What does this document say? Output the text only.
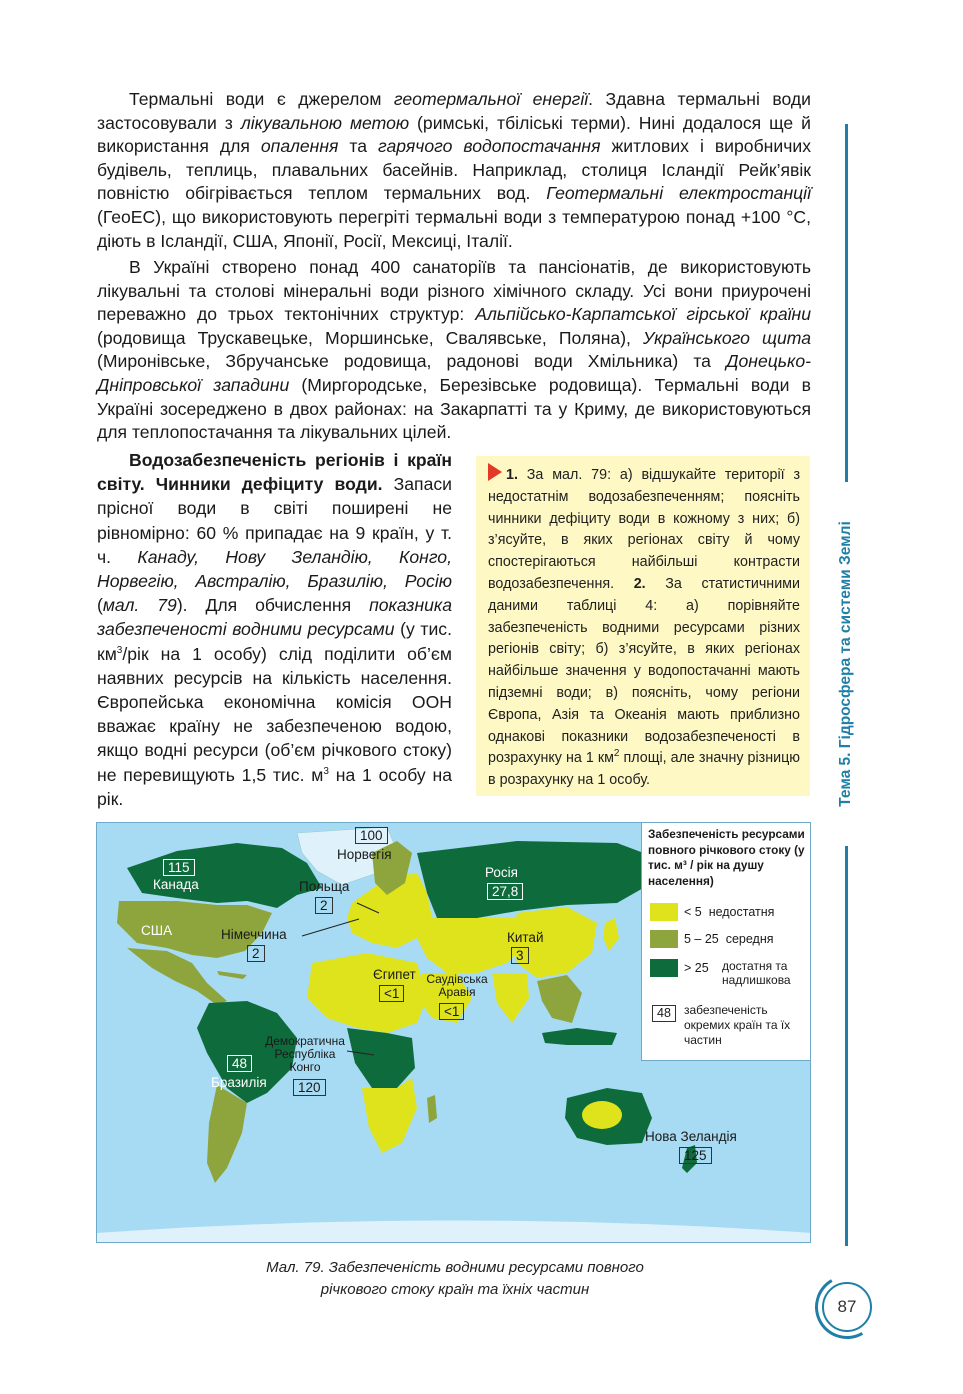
Термальні води є джерелом геотермальної енергії. Здавна термальні води застосовували з лікувальною метою (римські, тбіліські терми). Нині додалося ще й використання для опалення та гарячого водопостачання житлових і виробничих будівель, теплиць, плавальних басейнів. Наприклад, столиця Ісландії Рейк’явік повністю обігрівається теплом термальних вод. Геотермальні електростанції (ГеоЕС), що використовують перегріті термальні води з температурою понад +100 °С, діють в Ісландії, США, Японії, Росії, Мексиці, Італії.

В Україні створено понад 400 санаторіїв та пансіонатів, де використовують лікувальні та столові мінеральні води різного хімічного складу. Усі вони приурочені переважно до трьох тектонічних структур: Альпійсько-Карпатської гірської країни (родовища Трускавецьке, Моршинське, Свалявське, Поляна), Українського щита (Миронівське, Збручанське родовища, радонові води Хмільника) та Донецько-Дніпровської западини (Миргородське, Березівське родовища). Термальні води в Україні зосереджено в двох районах: на Закарпатті та у Криму, де використовуються для теплопостачання та лікувальних цілей.

Водозабезпеченість регіонів і країн світу. Чинники дефіциту води. Запаси прісної води в світі поширені не рівномірно: 60 % припадає на 9 країн, у т. ч. Канаду, Нову Зеландію, Конго, Норвегію, Австралію, Бразилію, Росію (мал. 79). Для обчислення показника забезпеченості водними ресурсами (у тис. $км^3$/рік на 1 особу) слід поділити об’єм наявних ресурсів на кількість населення. Європейська економічна комісія ООН вважає країну не забезпеченою водою, якщо водні ресурси (об’єм річкового стоку) не перевищують 1,5 тис. $м^3$ на 1 особу на рік.

1. За мал. 79: а) відшукайте території з недостатнім водозабезпеченням; поясніть чинники дефіциту води в кожному з них; б) з’ясуйте, в яких регіонах світу й чому спостерігаються найбільші контрасти водозабезпечення. 2. За статистичними даними таблиці 4: а) порівняйте забезпеченість водними ресурсами різних регіонів світу; б) з’ясуйте, в яких регіонах найбільше значення у водопостачанні мають підземні води; в) поясніть, чому регіони Європа, Азія та Океанія мають приблизно однакові показники водозабезпеченості в розрахунку на 1 $км^2$ площі, але значну різницю в розрахунку на 1 особу.	Тема 5. Гідросфера та системи Землі
100
Норвегія
115
Канада
Росія
27,8
Польща
2
США	Німеччина
2
Китай
3
Єгипет
<1
Саудівська
Аравія
<1
Демократична
Республіка
Конго
120
48
Бразилія
Нова Зеландія
125
Забезпеченість ресурсами повного річкового стоку (у тис. м³ / рік на душу населення)
< 5 недостатня
5 – 25 середня
> 25 достатня та надлишкова
48	забезпеченість окремих країн та їх частин
Мал. 79. Забезпеченість водними ресурсами повного
річкового стоку країн та їхніх частин
87
